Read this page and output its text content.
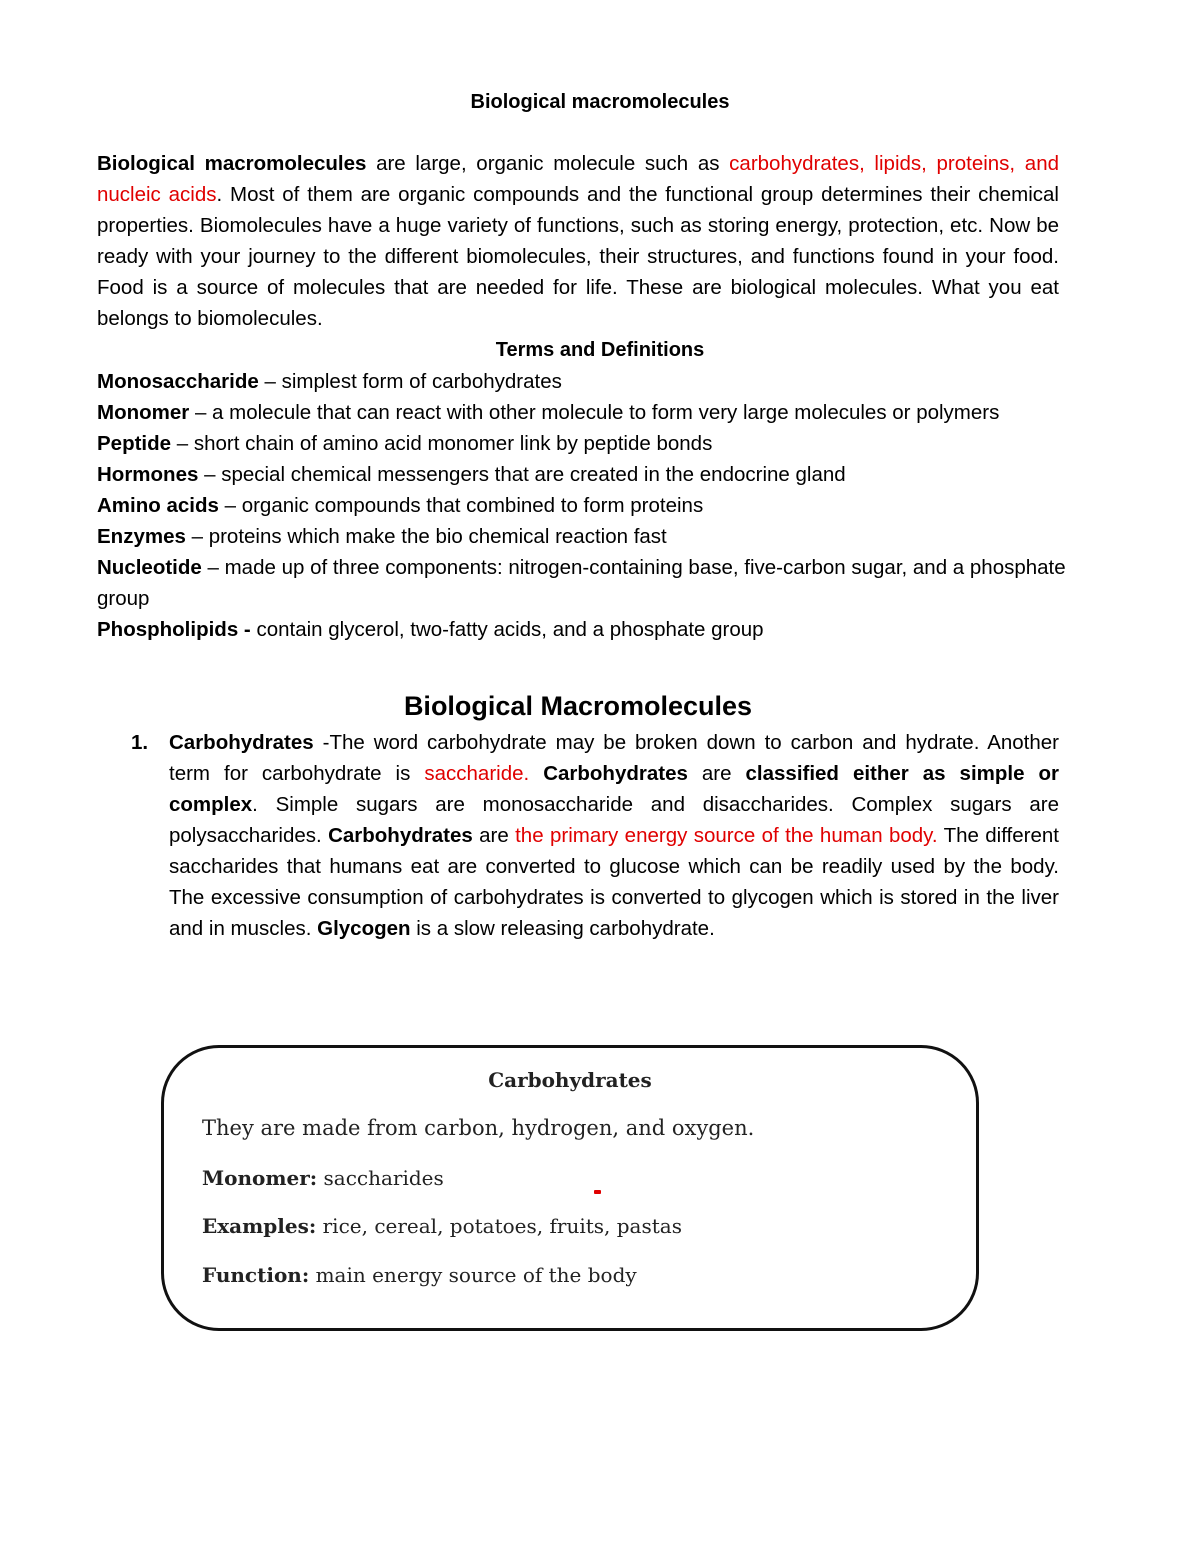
Biological macromolecules

Biological macromolecules are large, organic molecule such as carbohydrates, lipids, proteins, and nucleic acids. Most of them are organic compounds and the functional group determines their chemical properties. Biomolecules have a huge variety of functions, such as storing energy, protection, etc. Now be ready with your journey to the different biomolecules, their structures, and functions found in your food. Food is a source of molecules that are needed for life. These are biological molecules. What you eat belongs to biomolecules.

Terms and Definitions
Monosaccharide – simplest form of carbohydrates
Monomer – a molecule that can react with other molecule to form very large molecules or polymers
Peptide – short chain of amino acid monomer link by peptide bonds
Hormones – special chemical messengers that are created in the endocrine gland
Amino acids – organic compounds that combined to form proteins
Enzymes – proteins which make the bio chemical reaction fast
Nucleotide – made up of three components: nitrogen-containing base, five-carbon sugar, and a phosphate group
Phospholipids - contain glycerol, two-fatty acids, and a phosphate group
Biological Macromolecules
1.	Carbohydrates -The word carbohydrate may be broken down to carbon and hydrate. Another term for carbohydrate is saccharide. Carbohydrates are classified either as simple or complex. Simple sugars are monosaccharide and disaccharides. Complex sugars are polysaccharides. Carbohydrates are the primary energy source of the human body. The different saccharides that humans eat are converted to glucose which can be readily used by the body. The excessive consumption of carbohydrates is converted to glycogen which is stored in the liver and in muscles. Glycogen is a slow releasing carbohydrate.

Carbohydrates
They are made from carbon, hydrogen, and oxygen.
Monomer: saccharides
Examples: rice, cereal, potatoes, fruits, pastas
Function: main energy source of the body
